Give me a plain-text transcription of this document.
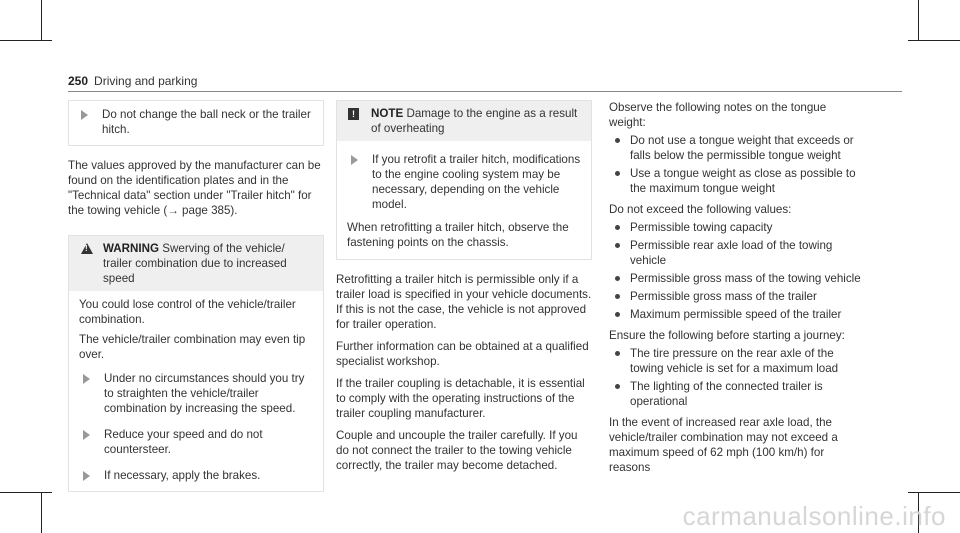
250 Driving and parking
Do not change the ball neck or the trailer hitch.

The values approved by the manufacturer can be found on the identification plates and in the "Technical data" section under "Trailer hitch" for the towing vehicle (→ page 385).

!
WARNING Swerving of the vehicle/ trailer combination due to increased speed

You could lose control of the vehicle/trailer combination.

The vehicle/trailer combination may even tip over.

Under no circumstances should you try to straighten the vehicle/trailer combination by increasing the speed.
Reduce your speed and do not countersteer.
If necessary, apply the brakes.
!	NOTE Damage to the engine as a result of overheating
If you retrofit a trailer hitch, modifications to the engine cooling system may be necessary, depending on the vehicle model.

When retrofitting a trailer hitch, observe the fastening points on the chassis.

Retrofitting a trailer hitch is permissible only if a trailer load is specified in your vehicle documents. If this is not the case, the vehicle is not approved for trailer operation.

Further information can be obtained at a qualified specialist workshop.

If the trailer coupling is detachable, it is essential to comply with the operating instructions of the trailer coupling manufacturer.

Couple and uncouple the trailer carefully. If you do not connect the trailer to the towing vehicle correctly, the trailer may become detached.

Observe the following notes on the tongue weight:

Do not use a tongue weight that exceeds or falls below the permissible tongue weight
Use a tongue weight as close as possible to the maximum tongue weight

Do not exceed the following values:

Permissible towing capacity
Permissible rear axle load of the towing vehicle
Permissible gross mass of the towing vehicle
Permissible gross mass of the trailer
Maximum permissible speed of the trailer

Ensure the following before starting a journey:

The tire pressure on the rear axle of the towing vehicle is set for a maximum load
The lighting of the connected trailer is operational

In the event of increased rear axle load, the vehicle/trailer combination may not exceed a maximum speed of 62 mph (100 km/h) for reasons

carmanualsonline.info
